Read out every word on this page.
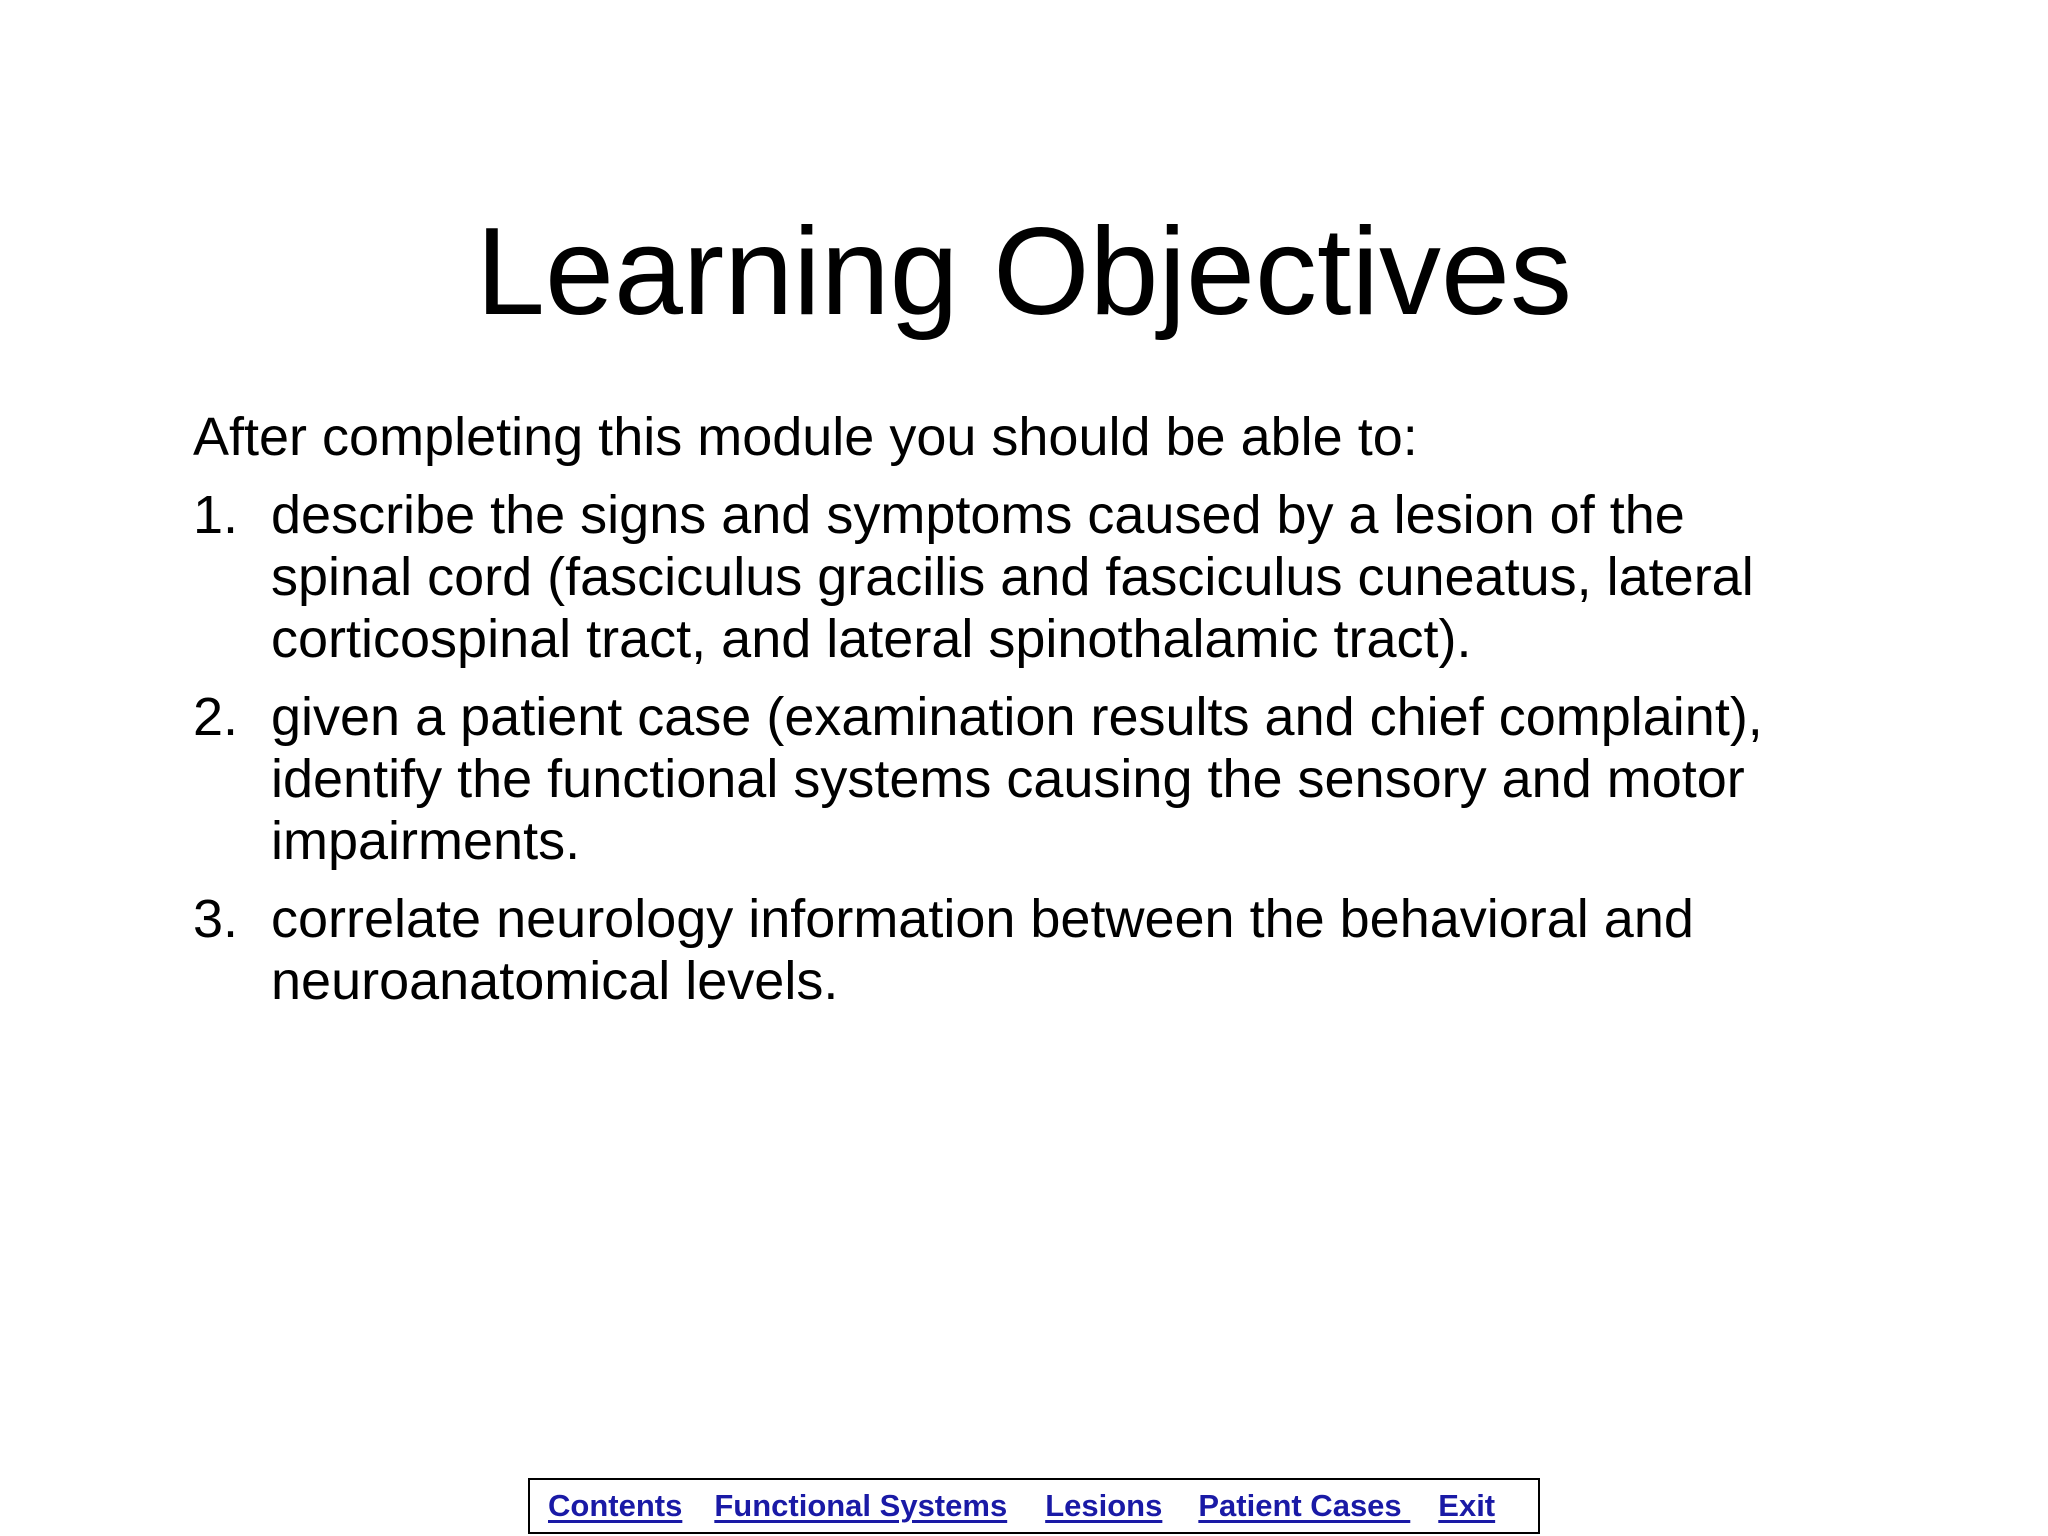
Learning Objectives

After completing this module you should be able to:

1. describe the signs and symptoms caused by a lesion of the
spinal cord (fasciculus gracilis and fasciculus cuneatus, lateral
corticospinal tract, and lateral spinothalamic tract).
2. given a patient case (examination results and chief complaint),
identify the functional systems causing the sensory and motor
impairments.
3. correlate neurology information between the behavioral and
neuroanatomical levels.
Contents Functional Systems Lesions Patient Cases Exit
